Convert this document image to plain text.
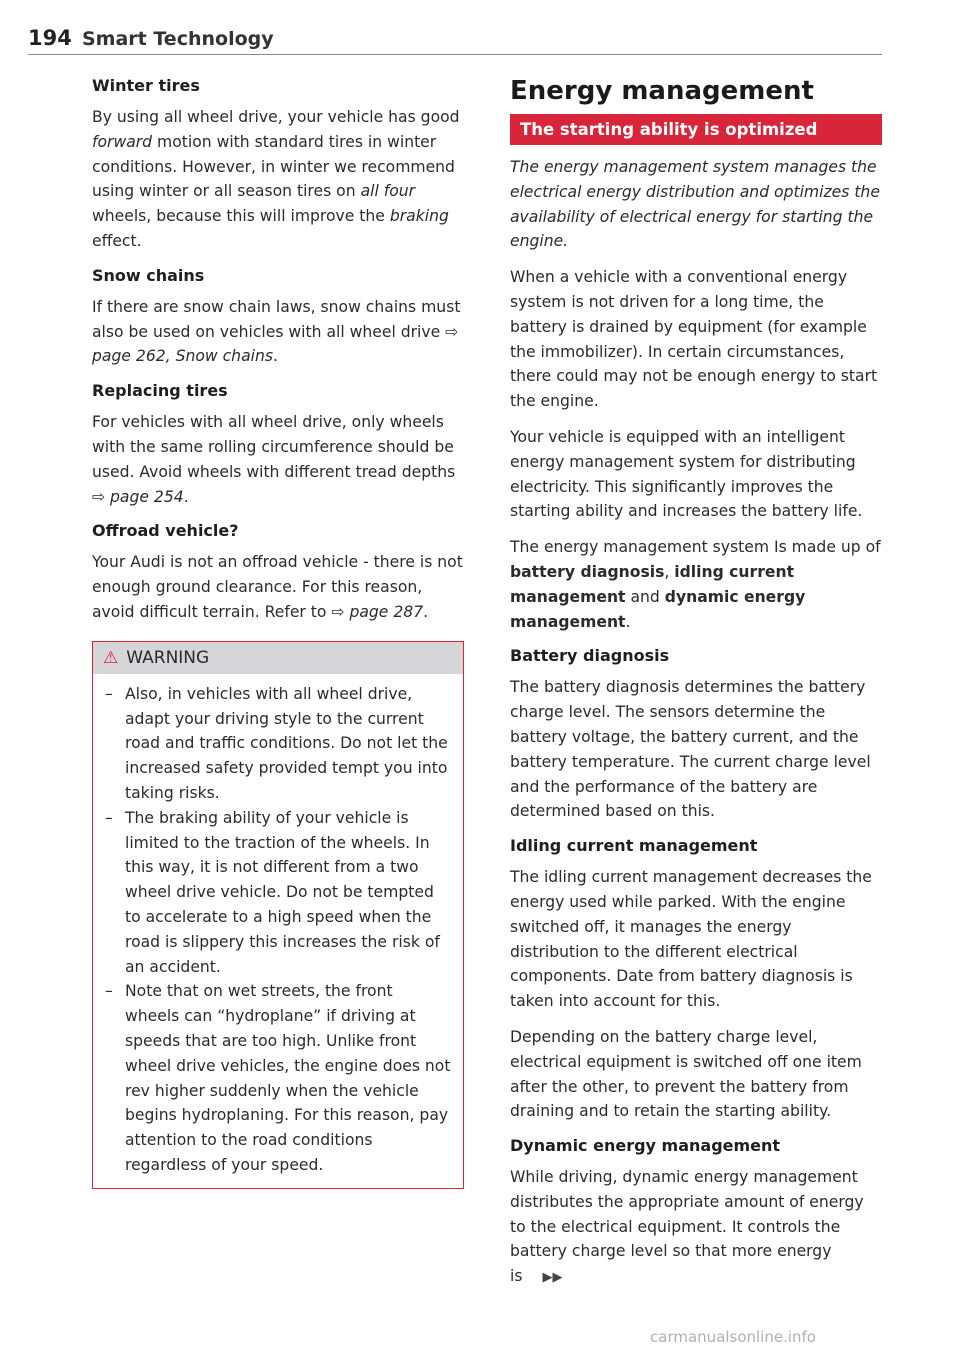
194 Smart Technology
Winter tires

By using all wheel drive, your vehicle has good forward motion with standard tires in winter conditions. However, in winter we recommend using winter or all season tires on all four wheels, because this will improve the braking effect.

Snow chains

If there are snow chain laws, snow chains must also be used on vehicles with all wheel drive ⇨ page 262, Snow chains.

Replacing tires

For vehicles with all wheel drive, only wheels with the same rolling circumference should be used. Avoid wheels with different tread depths ⇨ page 254.

Offroad vehicle?

Your Audi is not an offroad vehicle - there is not enough ground clearance. For this reason, avoid difficult terrain. Refer to ⇨ page 287.

⚠ WARNING
– Also, in vehicles with all wheel drive, adapt your driving style to the current road and traffic conditions. Do not let the increased safety provided tempt you into taking risks.
– The braking ability of your vehicle is limited to the traction of the wheels. In this way, it is not different from a two wheel drive vehicle. Do not be tempted to accelerate to a high speed when the road is slippery this increases the risk of an accident.
– Note that on wet streets, the front wheels can “hydroplane” if driving at speeds that are too high. Unlike front wheel drive vehicles, the engine does not rev higher suddenly when the vehicle begins hydroplaning. For this reason, pay attention to the road conditions regardless of your speed.
Energy management
The starting ability is optimized

The energy management system manages the electrical energy distribution and optimizes the availability of electrical energy for starting the engine.

When a vehicle with a conventional energy system is not driven for a long time, the battery is drained by equipment (for example the immobilizer). In certain circumstances, there could may not be enough energy to start the engine.

Your vehicle is equipped with an intelligent energy management system for distributing electricity. This significantly improves the starting ability and increases the battery life.

The energy management system Is made up of battery diagnosis, idling current management and dynamic energy management.

Battery diagnosis

The battery diagnosis determines the battery charge level. The sensors determine the battery voltage, the battery current, and the battery temperature. The current charge level and the performance of the battery are determined based on this.

Idling current management

The idling current management decreases the energy used while parked. With the engine switched off, it manages the energy distribution to the different electrical components. Date from battery diagnosis is taken into account for this.

Depending on the battery charge level, electrical equipment is switched off one item after the other, to prevent the battery from draining and to retain the starting ability.

Dynamic energy management

While driving, dynamic energy management distributes the appropriate amount of energy to the electrical equipment. It controls the battery charge level so that more energy is ▶▶

carmanualsonline.info
